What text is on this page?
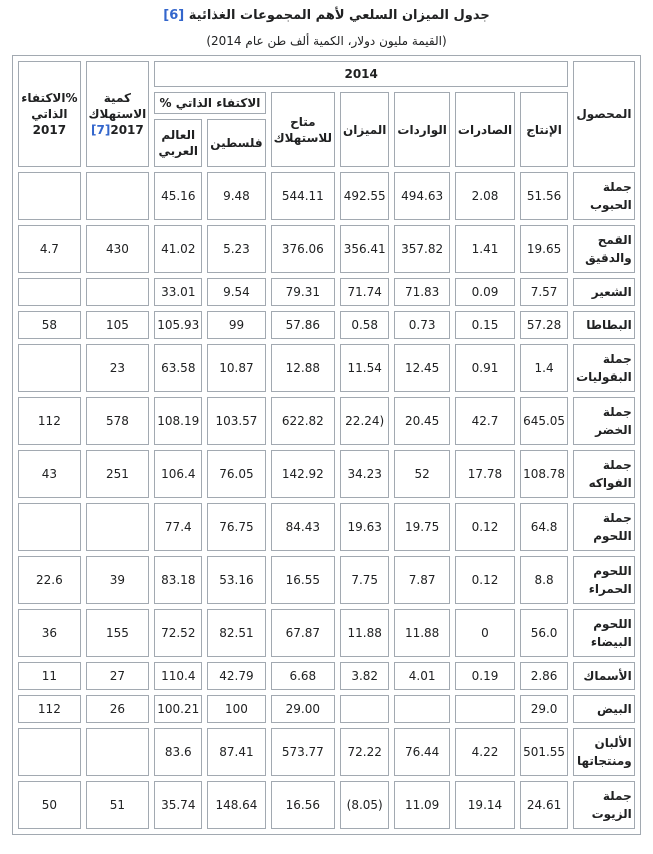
جدول الميزان السلعي لأهم المجموعات الغذائية [6]
(القيمة مليون دولار، الكمية ألف طن عام 2014)
المحصول	2014							كمية الاستهلاك 2017[7]	%الاكتفاء الذاتي 2017
	الإنتاج	الصادرات	الواردات	الميزان	متاح للاستهلاك	الاكتفاء الذاتي %			
						فلسطين	العالم العربي		
جملة الحبوب	51.56	2.08	494.63	492.55	544.11	9.48	45.16		
القمح والدقيق	19.65	1.41	357.82	356.41	376.06	5.23	41.02	430	4.7
الشعير	7.57	0.09	71.83	71.74	79.31	9.54	33.01		
البطاطا	57.28	0.15	0.73	0.58	57.86	99	105.93	105	58
جملة البقوليات	1.4	0.91	12.45	11.54	12.88	10.87	63.58	23	
جملة الخضر	645.05	42.7	20.45	(22.24	622.82	103.57	108.19	578	112
جملة الفواكه	108.78	17.78	52	34.23	142.92	76.05	106.4	251	43
جملة اللحوم	64.8	0.12	19.75	19.63	84.43	76.75	77.4		
اللحوم الحمراء	8.8	0.12	7.87	7.75	16.55	53.16	83.18	39	22.6
اللحوم البيضاء	56.0	0	11.88	11.88	67.87	82.51	72.52	155	36
الأسماك	2.86	0.19	4.01	3.82	6.68	42.79	110.4	27	11
البيض	29.0				29.00	100	100.21	26	112
الألبان ومنتجاتها	501.55	4.22	76.44	72.22	573.77	87.41	83.6		
جملة الزيوت	24.61	19.14	11.09	(8.05)	16.56	148.64	35.74	51	50
